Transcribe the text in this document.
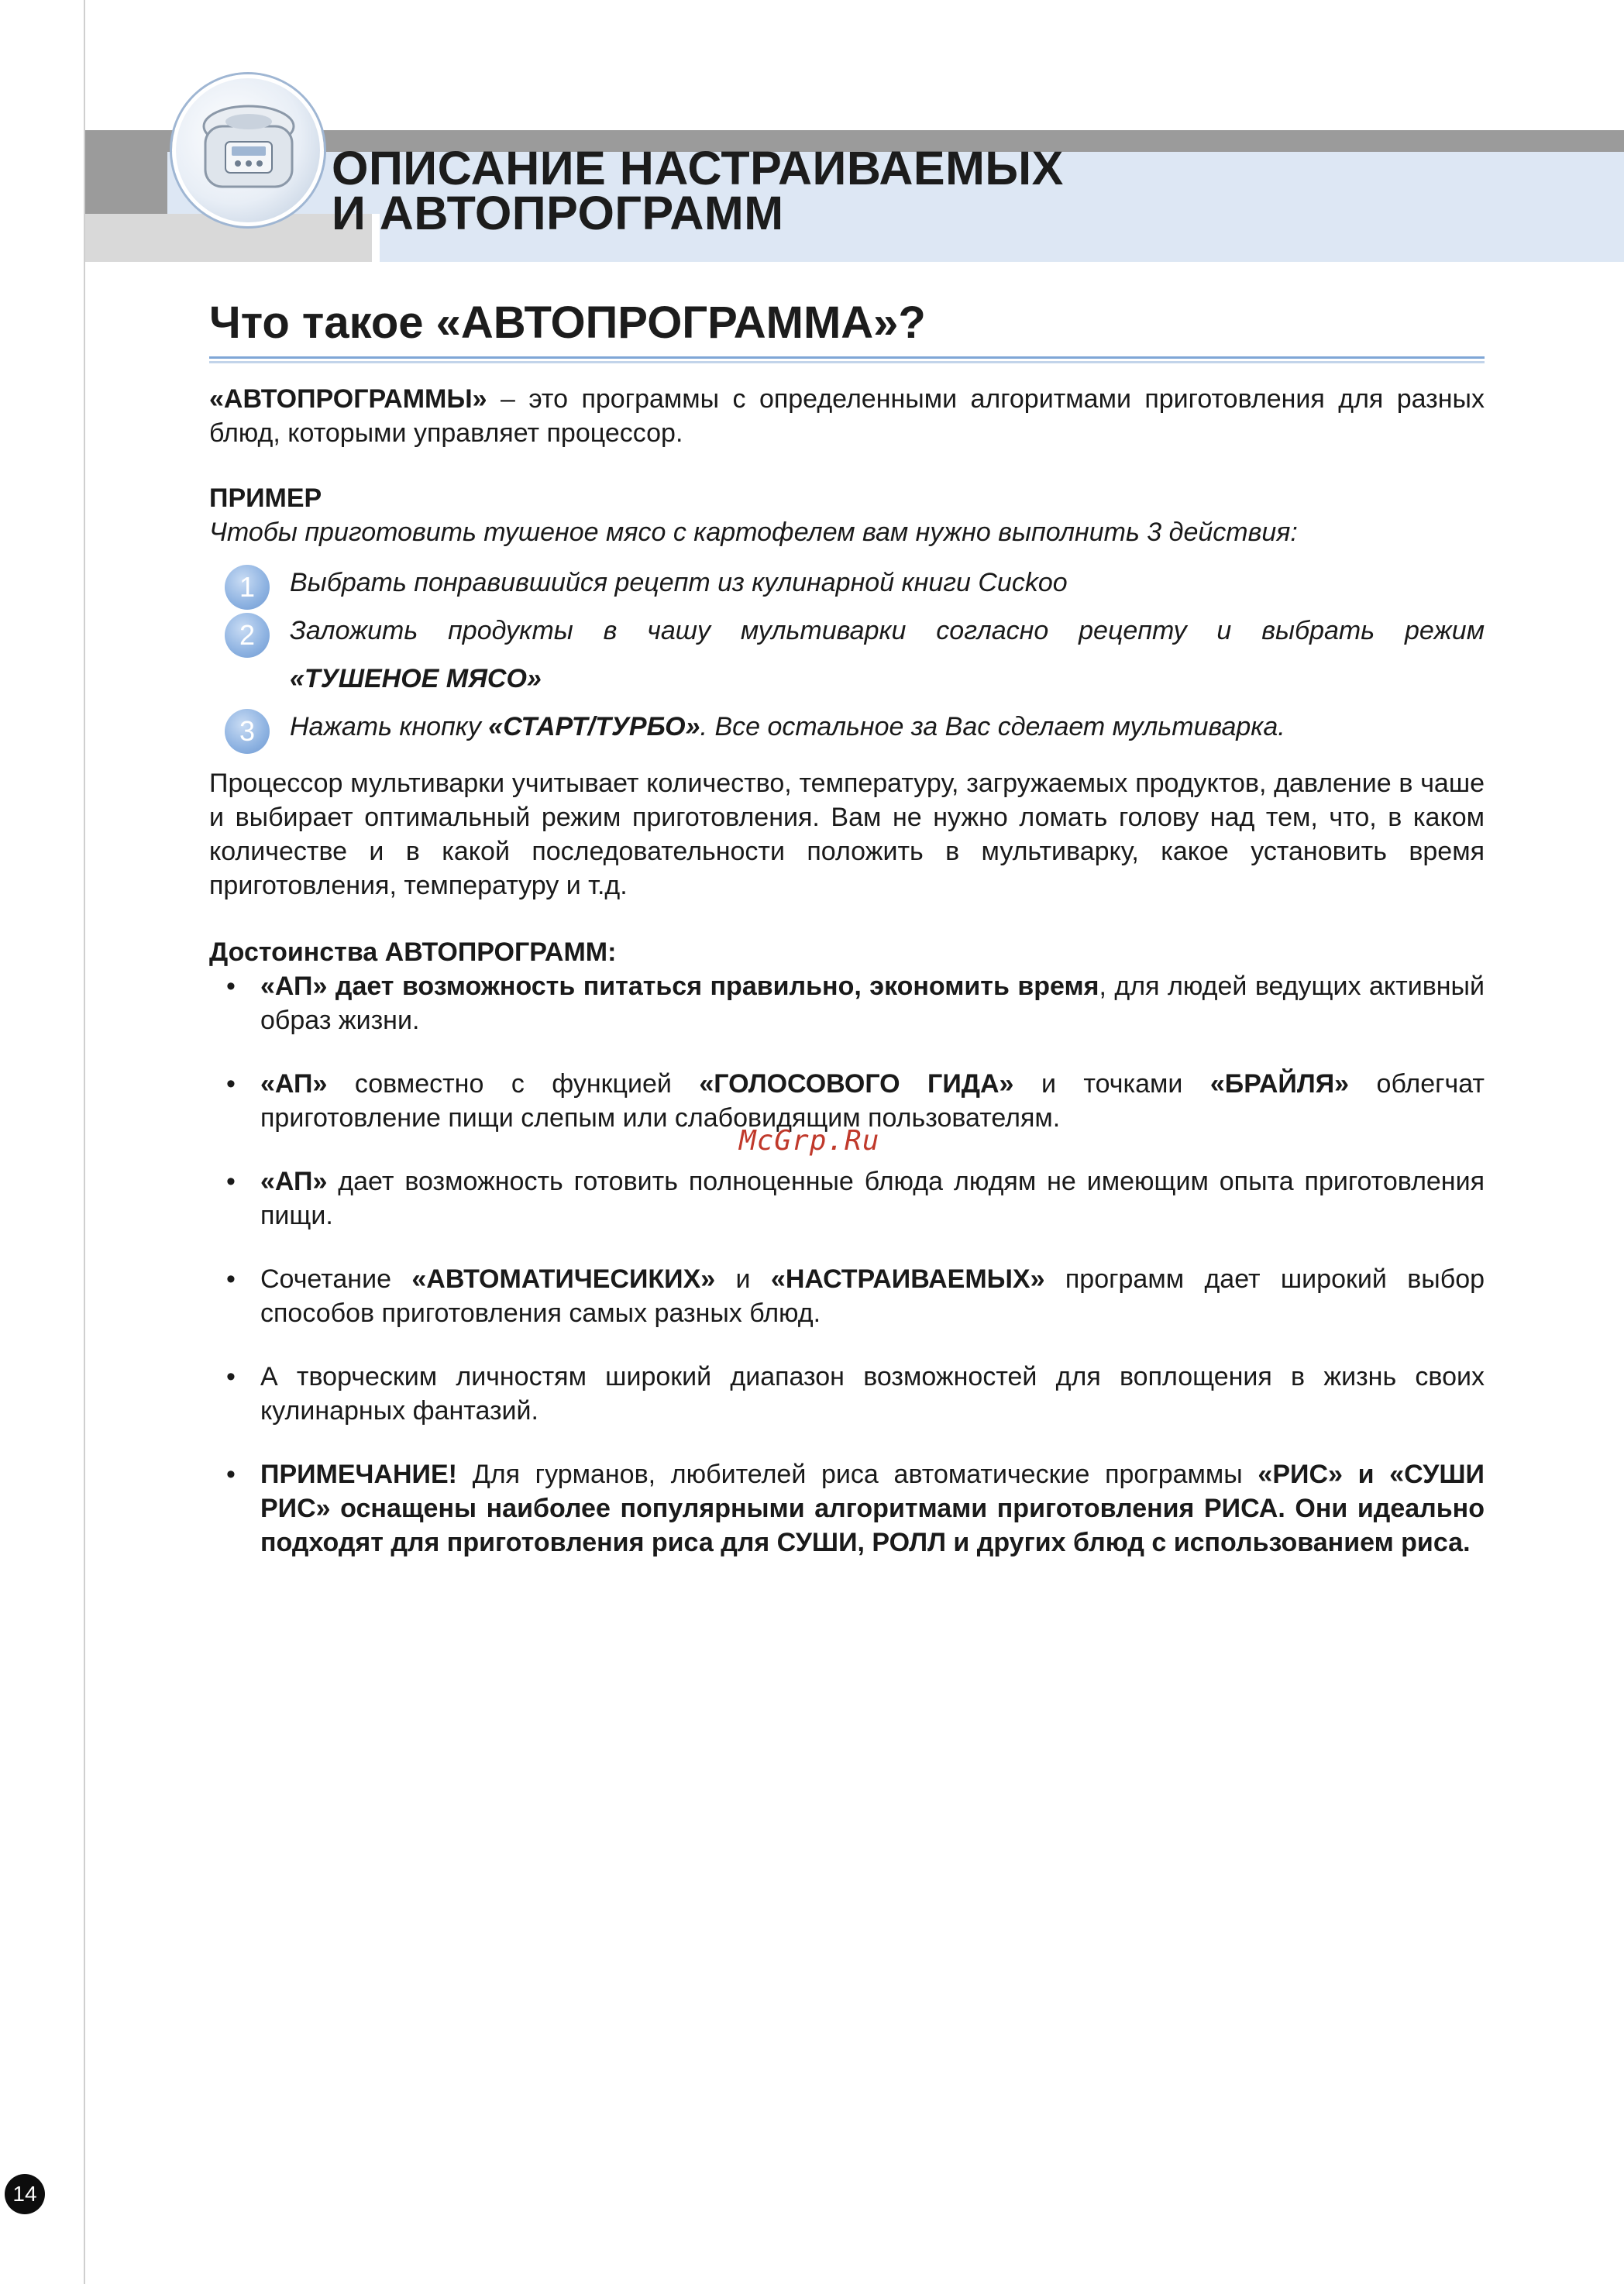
ОПИСАНИЕ НАСТРАИВАЕМЫХ
И АВТОПРОГРАММ
Что такое «АВТОПРОГРАММА»?

«АВТОПРОГРАММЫ» – это программы с определенными алгоритмами приготовления для разных блюд, которыми управляет процессор.

ПРИМЕР

Чтобы приготовить тушеное мясо с картофелем вам нужно выполнить 3 действия:

1	Выбрать понравившийся рецепт из кулинарной книги Cuckoo
2	Заложить продукты в чашу мультиварки согласно рецепту и выбрать режим
«ТУШЕНОЕ МЯСО»
3	Нажать кнопку «СТАРТ/ТУРБО». Все остальное за Вас сделает мультиварка.

Процессор мультиварки учитывает количество, температуру, загружаемых продуктов, давление в чаше и выбирает оптимальный режим приготовления. Вам не нужно ломать голову над тем, что, в каком количестве и в какой последовательности положить в мультиварку, какое установить время приготовления, температуру и т.д.

Достоинства АВТОПРОГРАММ:

• «АП» дает возможность питаться правильно, экономить время, для людей ведущих активный образ жизни.
• «АП» совместно с функцией «ГОЛОСОВОГО ГИДА» и точками «БРАЙЛЯ» облегчат приготовление пищи слепым или слабовидящим пользователям.
• «АП» дает возможность готовить полноценные блюда людям не имеющим опыта приготовления пищи.
• Сочетание «АВТОМАТИЧЕСИКИХ» и «НАСТРАИВАЕМЫХ» программ дает широкий выбор способов приготовления самых разных блюд.
• А творческим личностям широкий диапазон возможностей для воплощения в жизнь своих кулинарных фантазий.
• ПРИМЕЧАНИЕ! Для гурманов, любителей риса автоматические программы «РИС» и «СУШИ РИС» оснащены наиболее популярными алгоритмами приготовления РИСА. Они идеально подходят для приготовления риса для СУШИ, РОЛЛ и других блюд с использованием риса.
McGrp.Ru
14
